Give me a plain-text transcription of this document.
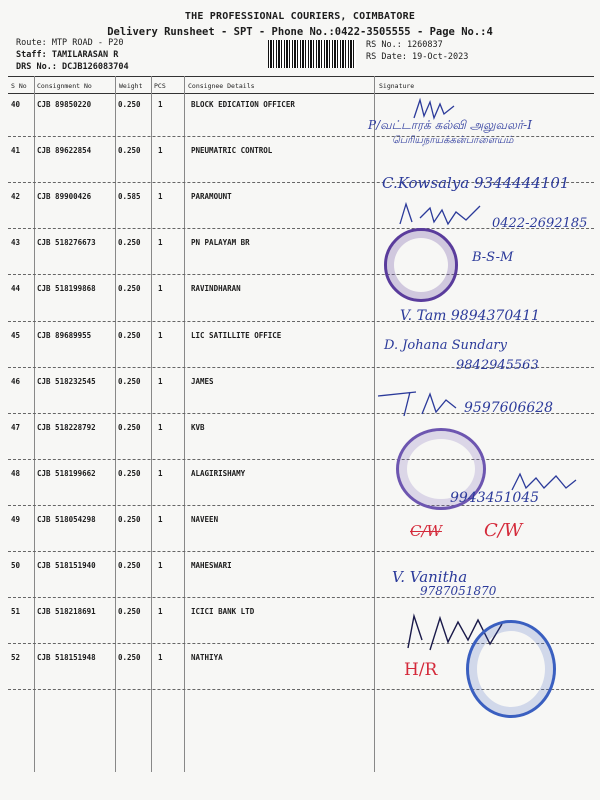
THE PROFESSIONAL COURIERS, COIMBATORE
Delivery Runsheet - SPT - Phone No.:0422-3505555 - Page No.:4
Route: MTP ROAD - P20
Staff: TAMILARASAN R
DRS No.: DCJB126083704
RS No.: 1260837
RS Date: 19-Oct-2023
S No Consignment No	Weight PCS	Consignee Details	Signature
40 CJB 89850220	0.250 1	BLOCK EDICATION OFFICER
41 CJB 89622854	0.250 1	PNEUMATRIC CONTROL
42 CJB 89900426	0.585 1	PARAMOUNT
43 CJB 518276673	0.250 1	PN PALAYAM BR
44 CJB 518199868	0.250 1	RAVINDHARAN
45 CJB 89689955	0.250 1	LIC SATILLITE OFFICE
46 CJB 518232545	0.250 1	JAMES
47 CJB 518228792	0.250 1	KVB
48 CJB 518199662	0.250 1	ALAGIRISHAMY
49 CJB 518054298	0.250 1	NAVEEN
50 CJB 518151940	0.250 1	MAHESWARI
51 CJB 518218691	0.250 1	ICICI BANK LTD
52 CJB 518151948	0.250 1	NATHIYA
Р/வட்டாரக் கல்வி அலுவலர்-I
பெரியநாயக்கன்பாளையம்
C.Kowsalya 9344444101
0422-2692185
B-S-M
V. Tam 9894370411
D. Johana Sundary
9842945563
9597606628
9943451045
C/W C/W
V. Vanitha
9787051870
H/R
